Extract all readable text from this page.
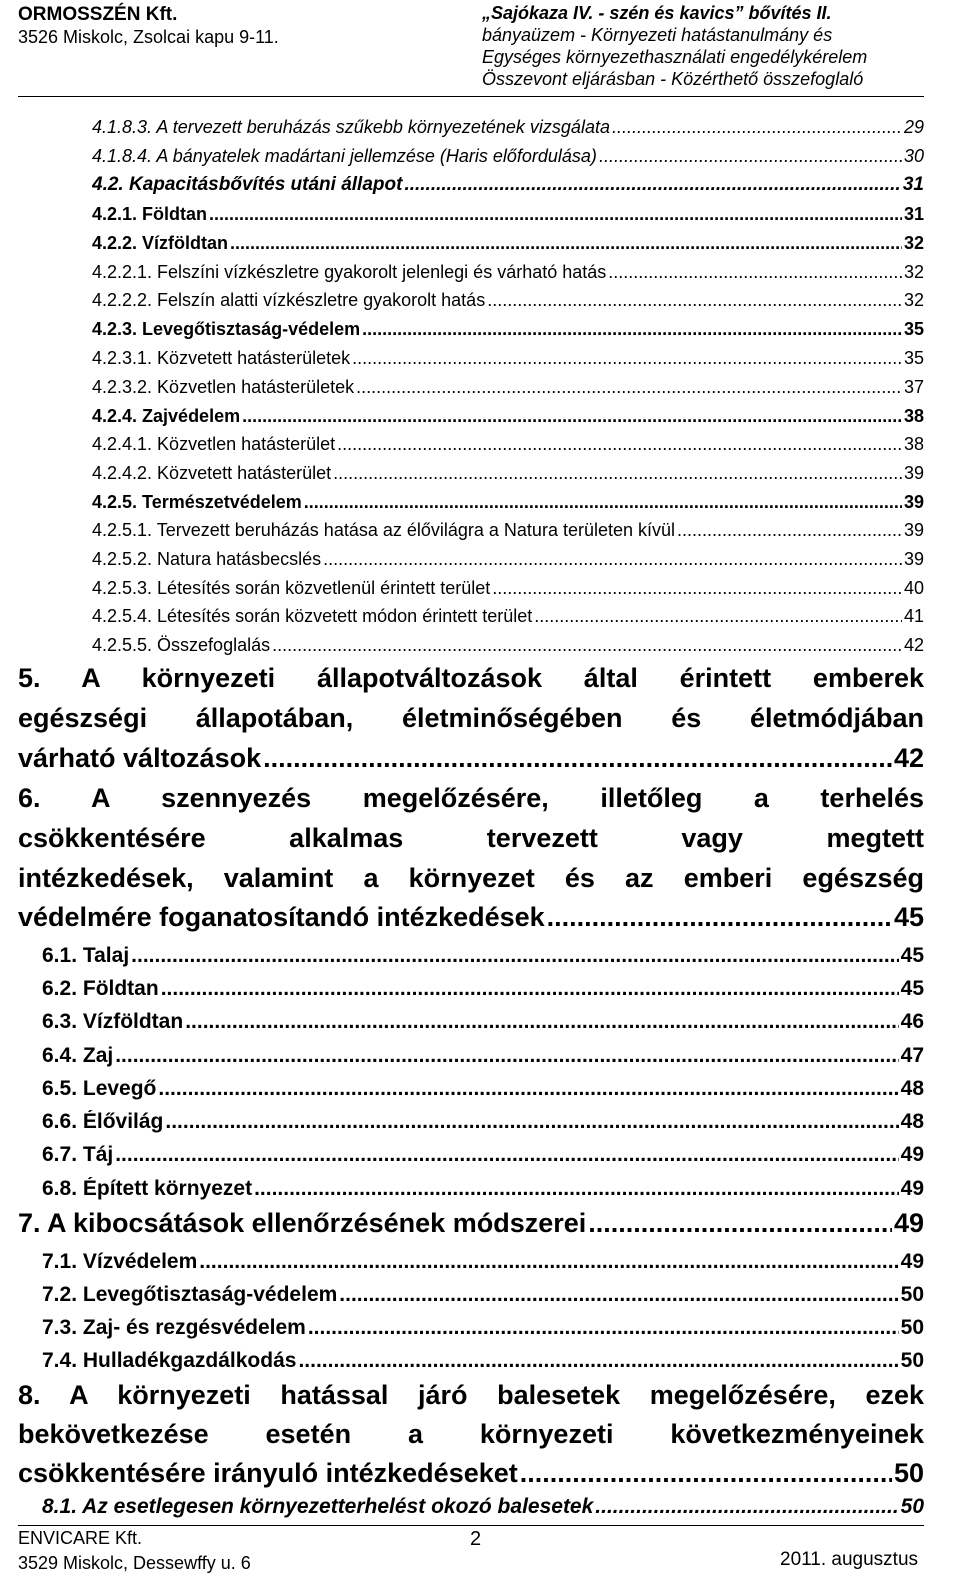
ORMOSSZÉN Kft.
3526 Miskolc, Zsolcai kapu 9-11.
„Sajókaza IV. - szén és kavics” bővítés II.
bányaüzem - Környezeti hatástanulmány és
Egységes környezethasználati engedélykérelem
Összevont eljárásban - Közérthető összefoglaló
4.1.8.3. A tervezett beruházás szűkebb környezetének vizsgálata .....	29
4.1.8.4. A bányatelek madártani jellemzése (Haris előfordulása) .....	30
4.2. Kapacitásbővítés utáni állapot .....	31
4.2.1. Földtan .....	31
4.2.2. Vízföldtan .....	32
4.2.2.1. Felszíni vízkészletre gyakorolt jelenlegi és várható hatás .....	32
4.2.2.2. Felszín alatti vízkészletre gyakorolt hatás .....	32
4.2.3. Levegőtisztaság-védelem .....	35
4.2.3.1. Közvetett hatásterületek .....	35
4.2.3.2. Közvetlen hatásterületek .....	37
4.2.4. Zajvédelem .....	38
4.2.4.1. Közvetlen hatásterület .....	38
4.2.4.2. Közvetett hatásterület .....	39
4.2.5. Természetvédelem .....	39
4.2.5.1. Tervezett beruházás hatása az élővilágra a Natura területen kívül .....	39
4.2.5.2. Natura hatásbecslés .....	39
4.2.5.3. Létesítés során közvetlenül érintett terület .....	40
4.2.5.4. Létesítés során közvetett módon érintett terület .....	41
4.2.5.5. Összefoglalás .....	42
5. A környezeti állapotváltozások által érintett emberek
egészségi állapotában, életminőségében és életmódjában
várható változások .....	42
6. A szennyezés megelőzésére, illetőleg a terhelés
csökkentésére alkalmas tervezett vagy megtett
intézkedések, valamint a környezet és az emberi egészség
védelmére foganatosítandó intézkedések .....	45
6.1. Talaj .....	45
6.2. Földtan .....	45
6.3. Vízföldtan .....	46
6.4. Zaj .....	47
6.5. Levegő .....	48
6.6. Élővilág .....	48
6.7. Táj .....	49
6.8. Épített környezet .....	49
7. A kibocsátások ellenőrzésének módszerei .....	49
7.1. Vízvédelem .....	49
7.2. Levegőtisztaság-védelem .....	50
7.3. Zaj- és rezgésvédelem .....	50
7.4. Hulladékgazdálkodás .....	50
8. A környezeti hatással járó balesetek megelőzésére, ezek
bekövetkezése esetén a környezeti következményeinek
csökkentésére irányuló intézkedéseket .....	50
8.1. Az esetlegesen környezetterhelést okozó balesetek .....	50
ENVICARE Kft.
3529 Miskolc, Dessewffy u. 6
2
2011. augusztus
